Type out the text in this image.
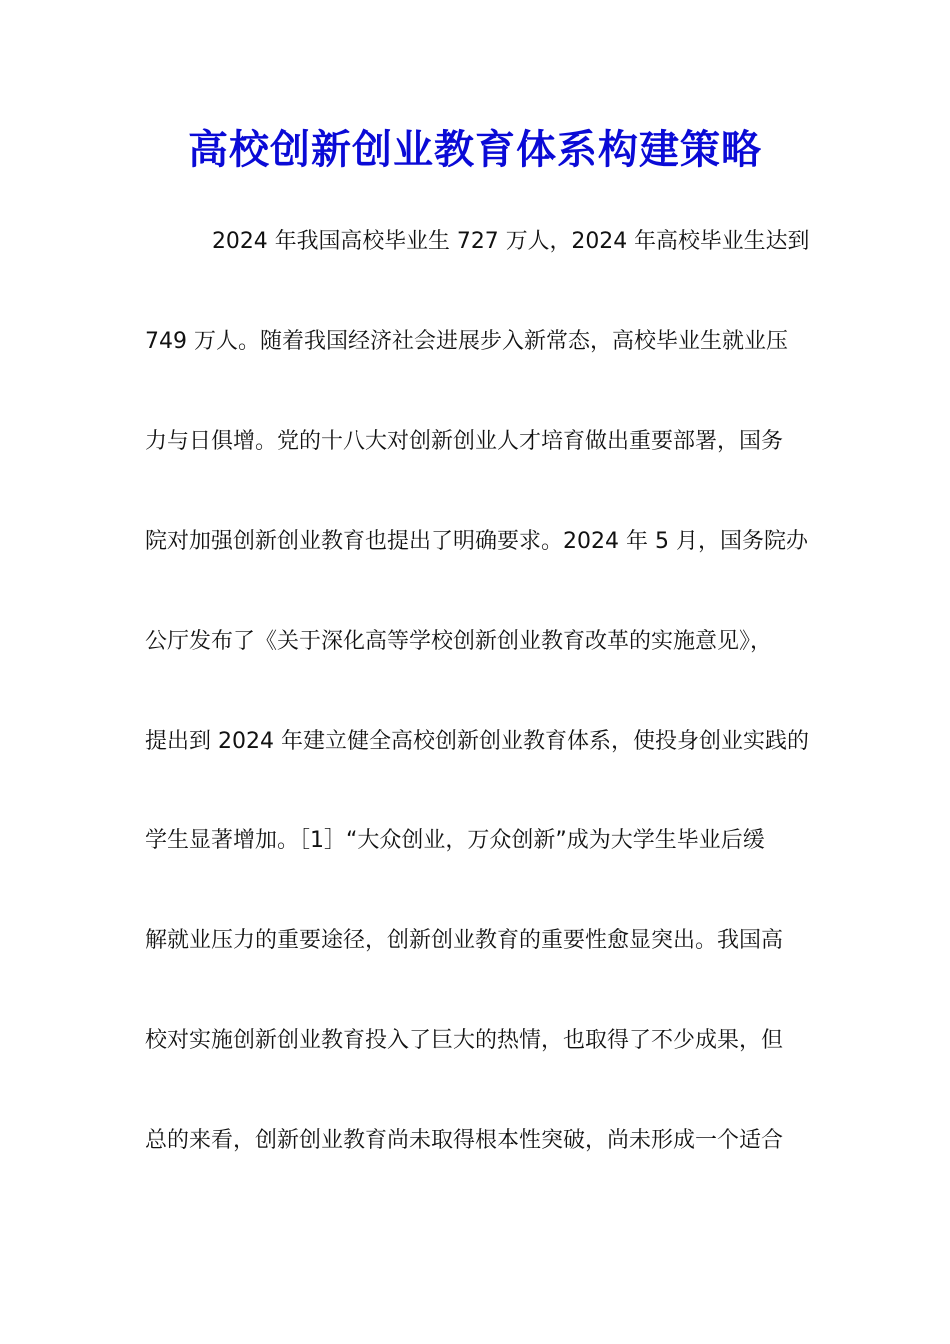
高校创新创业教育体系构建策略
2024 年我国高校毕业生 727 万人，2024 年高校毕业生达到
749 万人。随着我国经济社会进展步入新常态，高校毕业生就业压
力与日俱增。党的十八大对创新创业人才培育做出重要部署，国务
院对加强创新创业教育也提出了明确要求。2024 年 5 月，国务院办
公厅发布了《关于深化高等学校创新创业教育改革的实施意见》，
提出到 2024 年建立健全高校创新创业教育体系，使投身创业实践的
学生显著增加。［1］“大众创业，万众创新”成为大学生毕业后缓
解就业压力的重要途径，创新创业教育的重要性愈显突出。我国高
校对实施创新创业教育投入了巨大的热情，也取得了不少成果，但
总的来看，创新创业教育尚未取得根本性突破，尚未形成一个适合
